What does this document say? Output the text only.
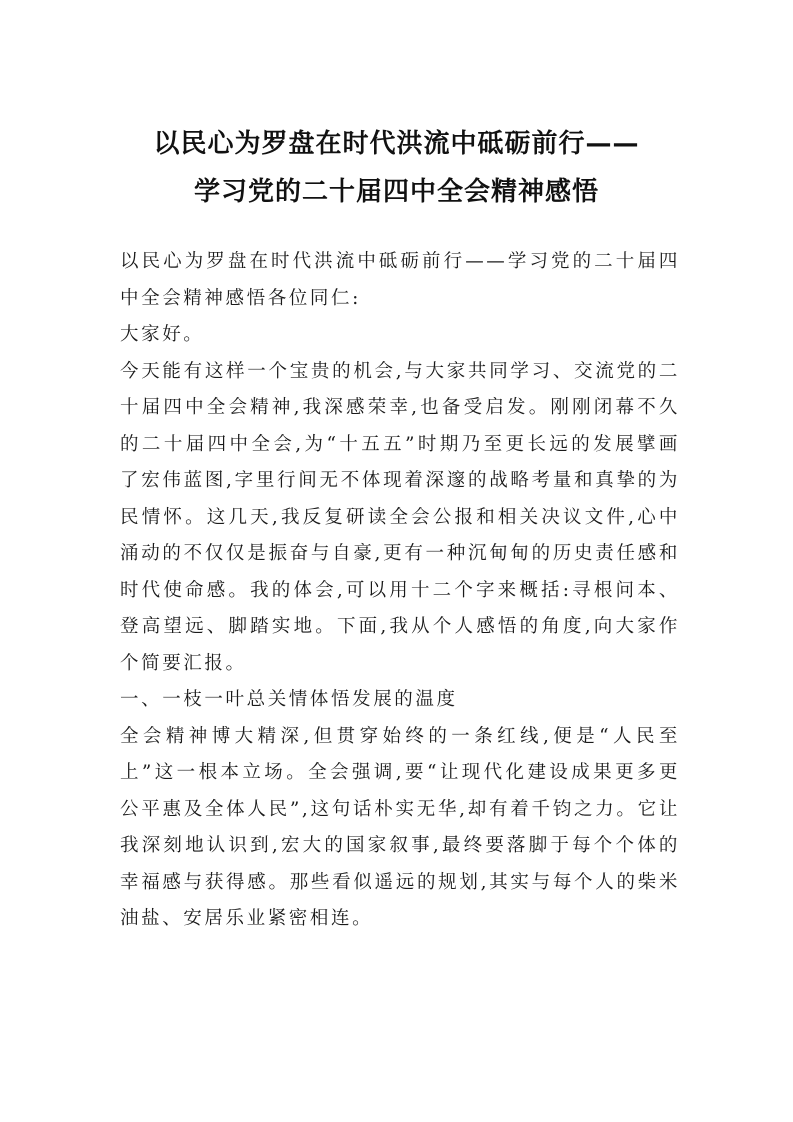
以民心为罗盘在时代洪流中砥砺前行——
学习党的二十届四中全会精神感悟

以民心为罗盘在时代洪流中砥砺前行——学习党的二十届四中全会精神感悟各位同仁:

大家好。

今天能有这样一个宝贵的机会,与大家共同学习、交流党的二十届四中全会精神,我深感荣幸,也备受启发。刚刚闭幕不久的二十届四中全会,为“十五五”时期乃至更长远的发展擘画了宏伟蓝图,字里行间无不体现着深邃的战略考量和真挚的为民情怀。这几天,我反复研读全会公报和相关决议文件,心中涌动的不仅仅是振奋与自豪,更有一种沉甸甸的历史责任感和时代使命感。我的体会,可以用十二个字来概括:寻根问本、登高望远、脚踏实地。下面,我从个人感悟的角度,向大家作个简要汇报。

一、一枝一叶总关情体悟发展的温度

全会精神博大精深,但贯穿始终的一条红线,便是“人民至上”这一根本立场。全会强调,要“让现代化建设成果更多更公平惠及全体人民”,这句话朴实无华,却有着千钧之力。它让我深刻地认识到,宏大的国家叙事,最终要落脚于每个个体的幸福感与获得感。那些看似遥远的规划,其实与每个人的柴米油盐、安居乐业紧密相连。
